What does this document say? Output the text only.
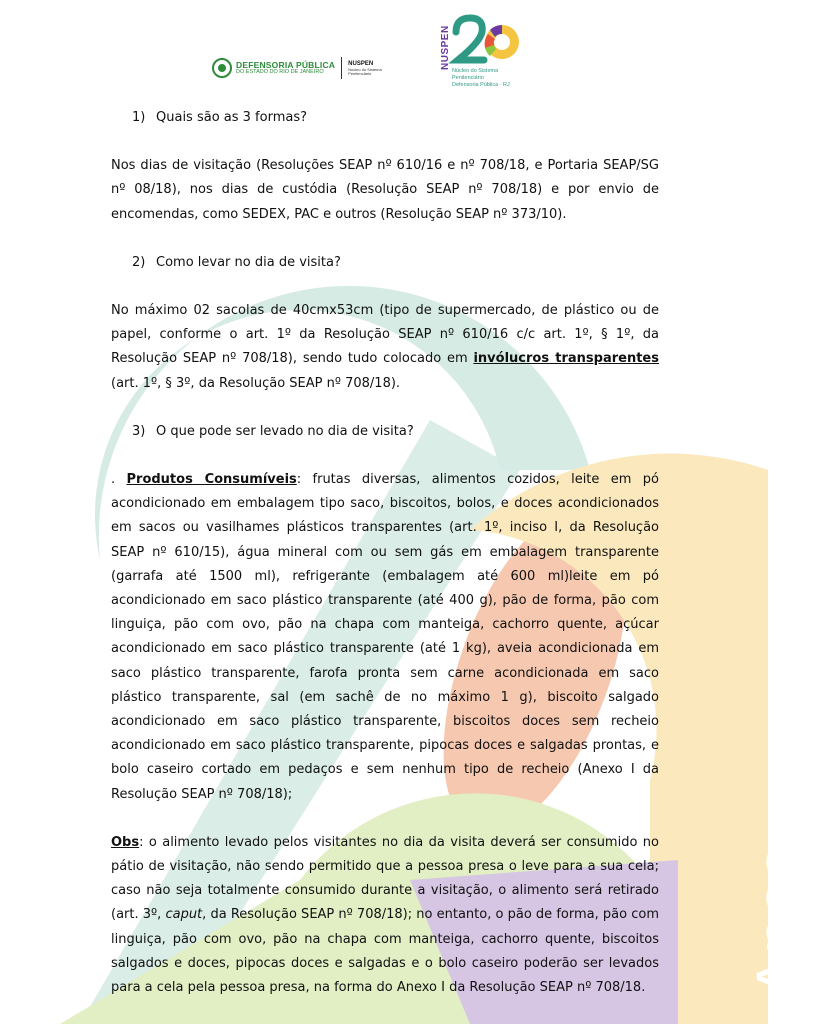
DEFENSORIA PÚBLICA
DO ESTADO DO RIO DE JANEIRO
NUSPEN
Núcleo do Sistema Penitenciário
NUSPEN
Núcleo do Sistema
Penitenciário
Defensoria Pública · RJ
Anos
1) Quais são as 3 formas?
Nos dias de visitação (Resoluções SEAP nº 610/16 e nº 708/18, e Portaria SEAP/SG nº 08/18), nos dias de custódia (Resolução SEAP nº 708/18) e por envio de encomendas, como SEDEX, PAC e outros (Resolução SEAP nº 373/10).
2) Como levar no dia de visita?
No máximo 02 sacolas de 40cmx53cm (tipo de supermercado, de plástico ou de papel, conforme o art. 1º da Resolução SEAP nº 610/16 c/c art. 1º, § 1º, da Resolução SEAP nº 708/18), sendo tudo colocado em invólucros transparentes (art. 1º, § 3º, da Resolução SEAP nº 708/18).
3) O que pode ser levado no dia de visita?
. Produtos Consumíveis: frutas diversas, alimentos cozidos, leite em pó acondicionado em embalagem tipo saco, biscoitos, bolos, e doces acondicionados em sacos ou vasilhames plásticos transparentes (art. 1º, inciso I, da Resolução SEAP nº 610/15), água mineral com ou sem gás em embalagem transparente (garrafa até 1500 ml), refrigerante (embalagem até 600 ml)leite em pó acondicionado em saco plástico transparente (até 400 g), pão de forma, pão com linguiça, pão com ovo, pão na chapa com manteiga, cachorro quente, açúcar acondicionado em saco plástico transparente (até 1 kg), aveia acondicionada em saco plástico transparente, farofa pronta sem carne acondicionada em saco plástico transparente, sal (em sachê de no máximo 1 g), biscoito salgado acondicionado em saco plástico transparente, biscoitos doces sem recheio acondicionado em saco plástico transparente, pipocas doces e salgadas prontas, e bolo caseiro cortado em pedaços e sem nenhum tipo de recheio (Anexo I da Resolução SEAP nº 708/18);
Obs: o alimento levado pelos visitantes no dia da visita deverá ser consumido no pátio de visitação, não sendo permitido que a pessoa presa o leve para a sua cela; caso não seja totalmente consumido durante a visitação, o alimento será retirado (art. 3º, caput, da Resolução SEAP nº 708/18); no entanto, o pão de forma, pão com linguiça, pão com ovo, pão na chapa com manteiga, cachorro quente, biscoitos salgados e doces, pipocas doces e salgadas e o bolo caseiro poderão ser levados para a cela pela pessoa presa, na forma do Anexo I da Resolução SEAP nº 708/18.
